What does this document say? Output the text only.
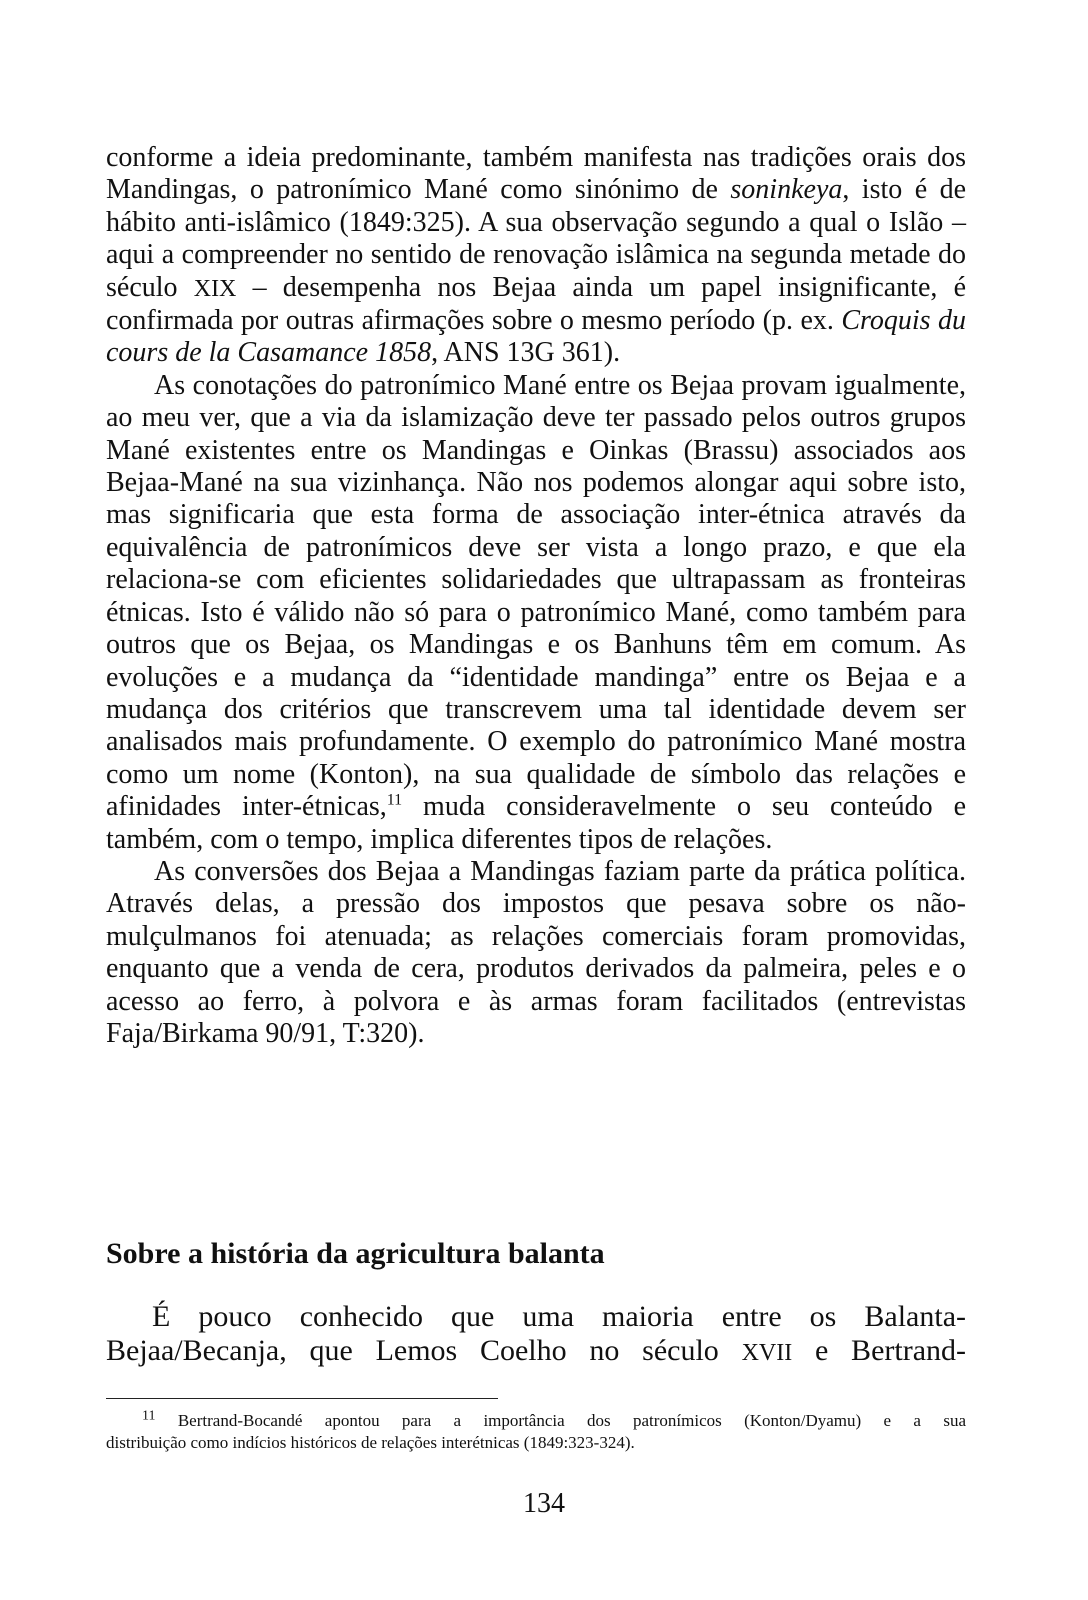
conforme a ideia predominante, também manifesta nas tradições orais dos Mandingas, o patronímico Mané como sinónimo de soninkeya, isto é de hábito anti-islâmico (1849:325). A sua observação segundo a qual o Islão – aqui a compreender no sentido de renovação islâmica na segunda metade do século XIX – desempenha nos Bejaa ainda um papel insignificante, é confirmada por outras afirmações sobre o mesmo período (p. ex. Croquis du cours de la Casamance 1858, ANS 13G 361).

As conotações do patronímico Mané entre os Bejaa provam igualmente, ao meu ver, que a via da islamização deve ter passado pelos outros grupos Mané existentes entre os Mandingas e Oinkas (Brassu) associados aos Bejaa-Mané na sua vizinhança. Não nos podemos alongar aqui sobre isto, mas significaria que esta forma de associação inter-étnica através da equivalência de patronímicos deve ser vista a longo prazo, e que ela relaciona-se com eficientes solidariedades que ultrapassam as fronteiras étnicas. Isto é válido não só para o patronímico Mané, como também para outros que os Bejaa, os Mandingas e os Banhuns têm em comum. As evoluções e a mudança da “identidade mandinga” entre os Bejaa e a mudança dos critérios que transcrevem uma tal identidade devem ser analisados mais profundamente. O exemplo do patronímico Mané mostra como um nome (Konton), na sua qualidade de símbolo das relações e afinidades inter-étnicas,$^{11}$ muda consideravelmente o seu conteúdo e também, com o tempo, implica diferentes tipos de relações.

As conversões dos Bejaa a Mandingas faziam parte da prática política. Através delas, a pressão dos impostos que pesava sobre os não-mulçulmanos foi atenuada; as relações comerciais foram promovidas, enquanto que a venda de cera, produtos derivados da palmeira, peles e o acesso ao ferro, à polvora e às armas foram facilitados (entrevistas Faja/Birkama 90/91, T:320).

Sobre a história da agricultura balanta

É pouco conhecido que uma maioria entre os Balanta-
Bejaa/Becanja, que Lemos Coelho no século XVII e Bertrand-

$^{11}$ Bertrand-Bocandé apontou para a importância dos patronímicos (Konton/Dyamu) e a sua
distribuição como indícios históricos de relações interétnicas (1849:323-324).

134
